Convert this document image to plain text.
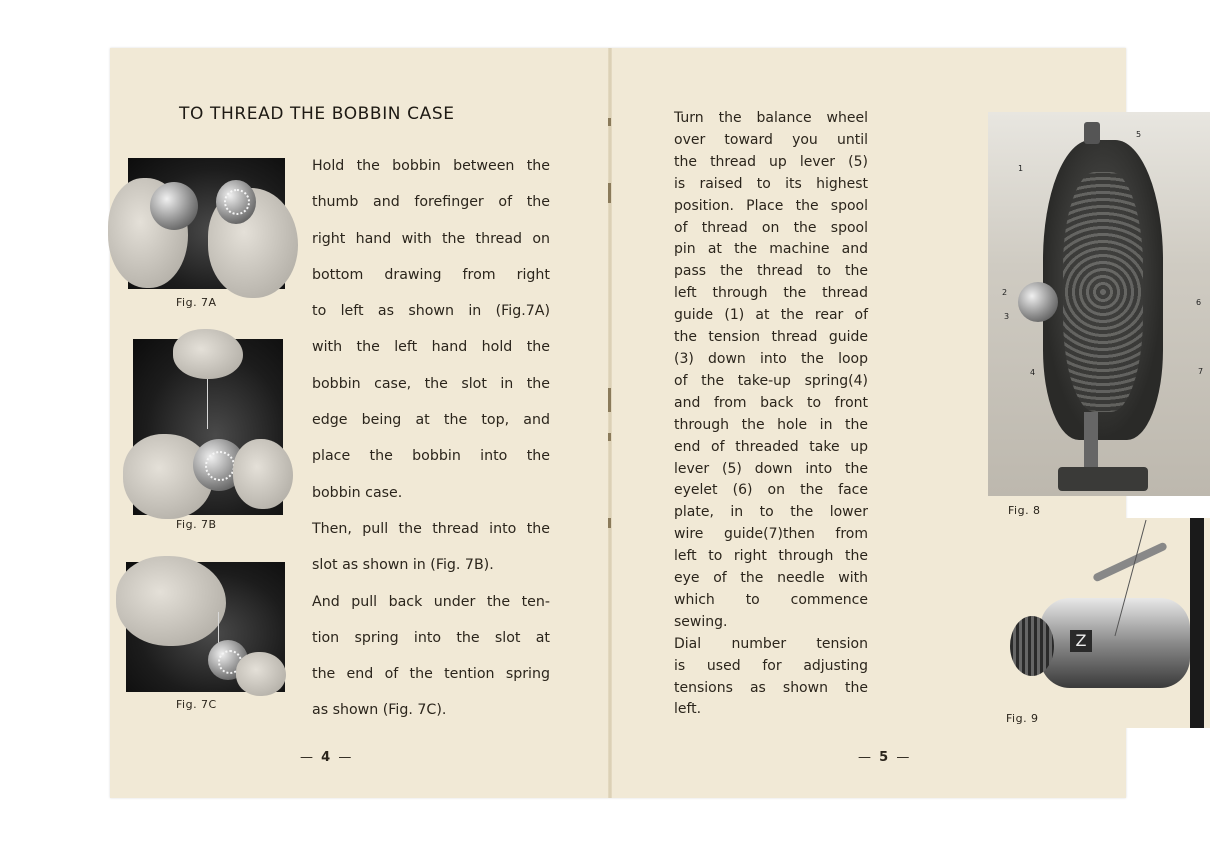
TO THREAD THE BOBBIN CASE
Fig. 7A
Fig. 7B
Fig. 7C
Hold the bobbin between the
thumb and forefinger of the
right hand with the thread on
bottom drawing from right
to left as shown in (Fig.7A)
with the left hand hold the
bobbin case, the slot in the
edge being at the top, and
place the bobbin into the
bobbin case.
Then, pull the thread into the
slot as shown in (Fig. 7B).
And pull back under the ten-
tion spring into the slot at
the end of the tention spring
as shown (Fig. 7C).
— 4 —
Turn the balance wheel
over toward you until
the thread up lever (5)
is raised to its highest
position. Place the spool
of thread on the spool
pin at the machine and
pass the thread to the
left through the thread
guide (1) at the rear of
the tension thread guide
(3) down into the loop
of the take-up spring(4)
and from back to front
through the hole in the
end of threaded take up
lever (5) down into the
eyelet (6) on the face
plate, in to the lower
wire guide(7)then from
left to right through the
eye of the needle with
which to commence
sewing.
Dial number tension
is used for adjusting
tensions as shown the
left.
1
2
3
4
5
6
7
Fig. 8
Z
Fig. 9
— 5 —
